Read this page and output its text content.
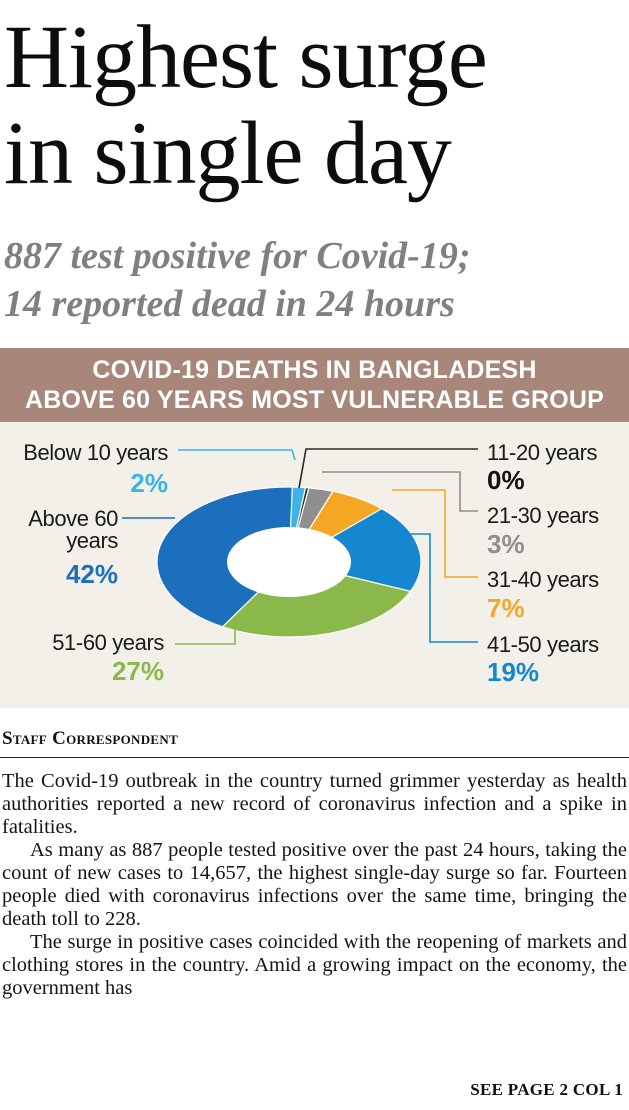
Highest surge
in single day
887 test positive for Covid-19;
14 reported dead in 24 hours
COVID-19 DEATHS IN BANGLADESH
ABOVE 60 YEARS MOST VULNERABLE GROUP
Below 10 years
2%
11-20 years
0%
21-30 years
3%
31-40 years
7%
41-50 years
19%
51-60 years
27%
Above 60
years
42%
Staff Correspondent

The Covid-19 outbreak in the country turned grimmer yesterday as health authorities reported a new record of coronavirus infection and a spike in fatalities.

As many as 887 people tested positive over the past 24 hours, taking the count of new cases to 14,657, the highest single-day surge so far. Fourteen people died with coronavirus infections over the same time, bringing the death toll to 228.

The surge in positive cases coincided with the reopening of markets and clothing stores in the country. Amid a growing impact on the economy, the government has

SEE PAGE 2 COL 1
